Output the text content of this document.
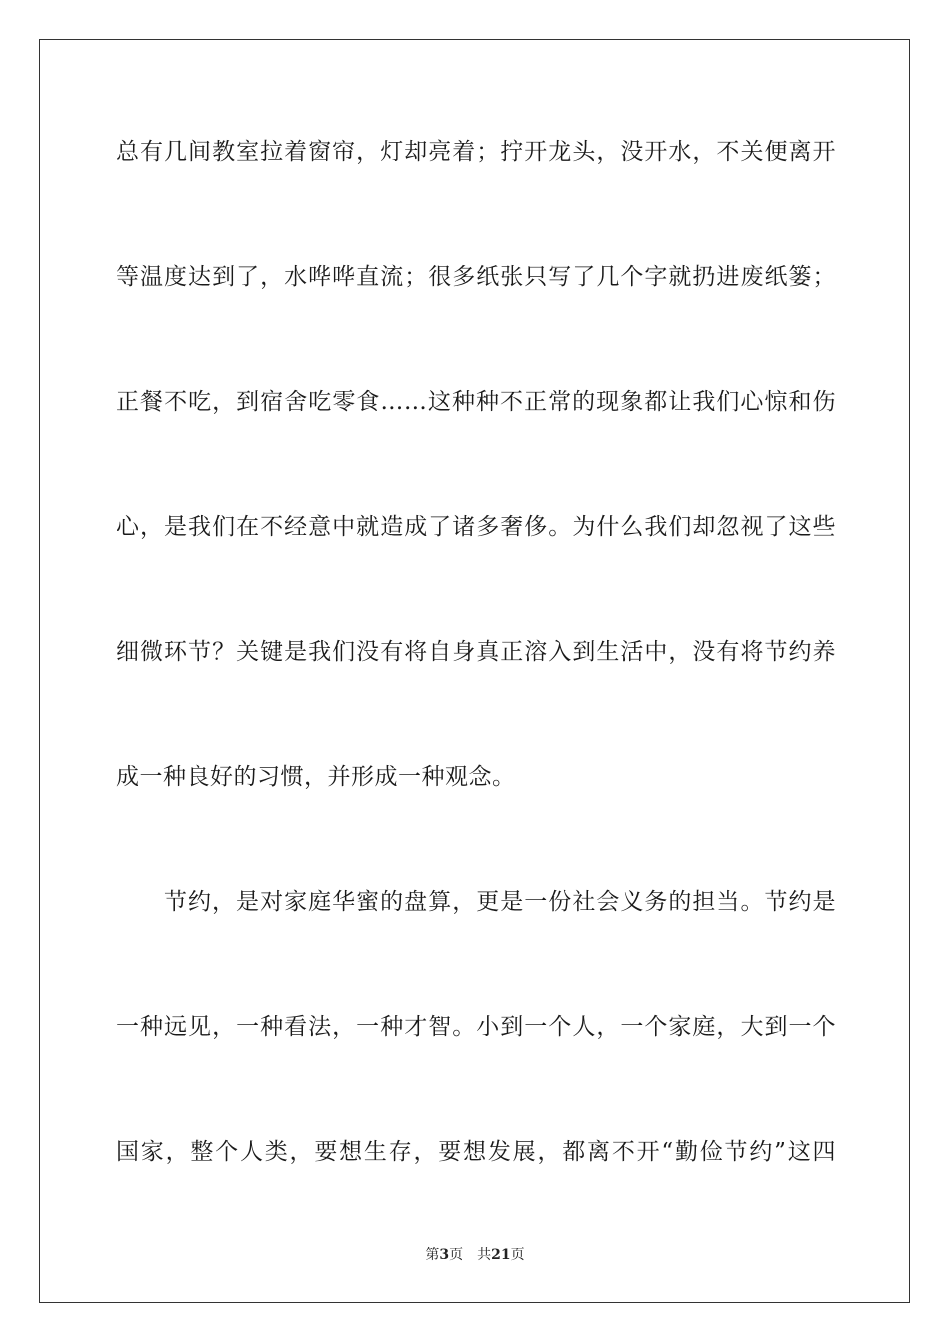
总有几间教室拉着窗帘，灯却亮着；拧开龙头，没开水，不关便离开
等温度达到了，水哗哗直流；很多纸张只写了几个字就扔进废纸篓；
正餐不吃，到宿舍吃零食……这种种不正常的现象都让我们心惊和伤
心，是我们在不经意中就造成了诸多奢侈。为什么我们却忽视了这些
细微环节？关键是我们没有将自身真正溶入到生活中，没有将节约养
成一种良好的习惯，并形成一种观念。
节约，是对家庭华蜜的盘算，更是一份社会义务的担当。节约是
一种远见，一种看法，一种才智。小到一个人，一个家庭，大到一个
国家，整个人类，要想生存，要想发展，都离不开“勤俭节约”这四
第3页 共21页
